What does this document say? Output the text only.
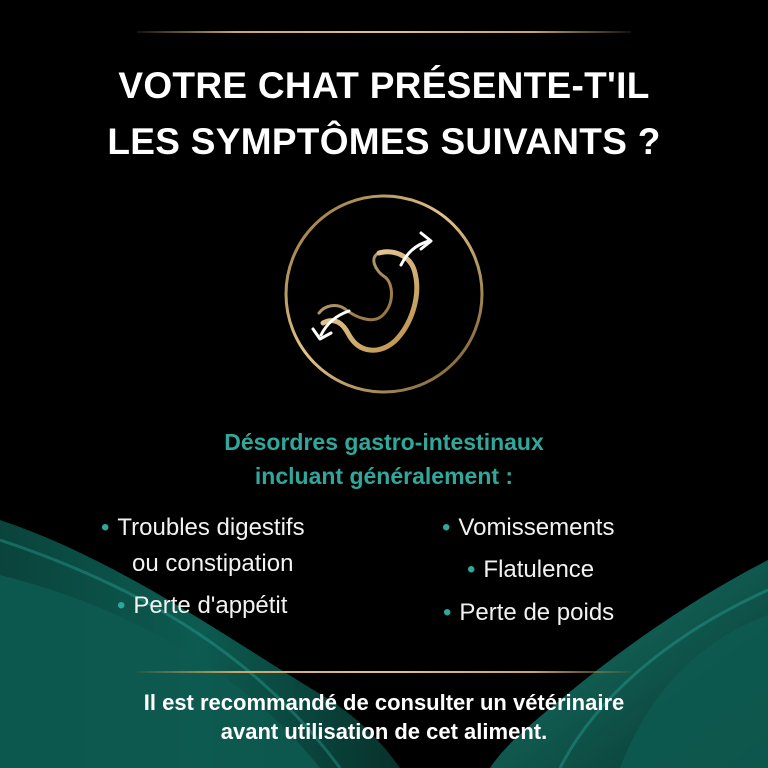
VOTRE CHAT PRÉSENTE-T'IL
LES SYMPTÔMES SUIVANTS ?
Désordres gastro-intestinaux
incluant généralement :
• Troubles digestifs
ou constipation
• Perte d'appétit
• Vomissements
• Flatulence
• Perte de poids
Il est recommandé de consulter un vétérinaire
avant utilisation de cet aliment.
